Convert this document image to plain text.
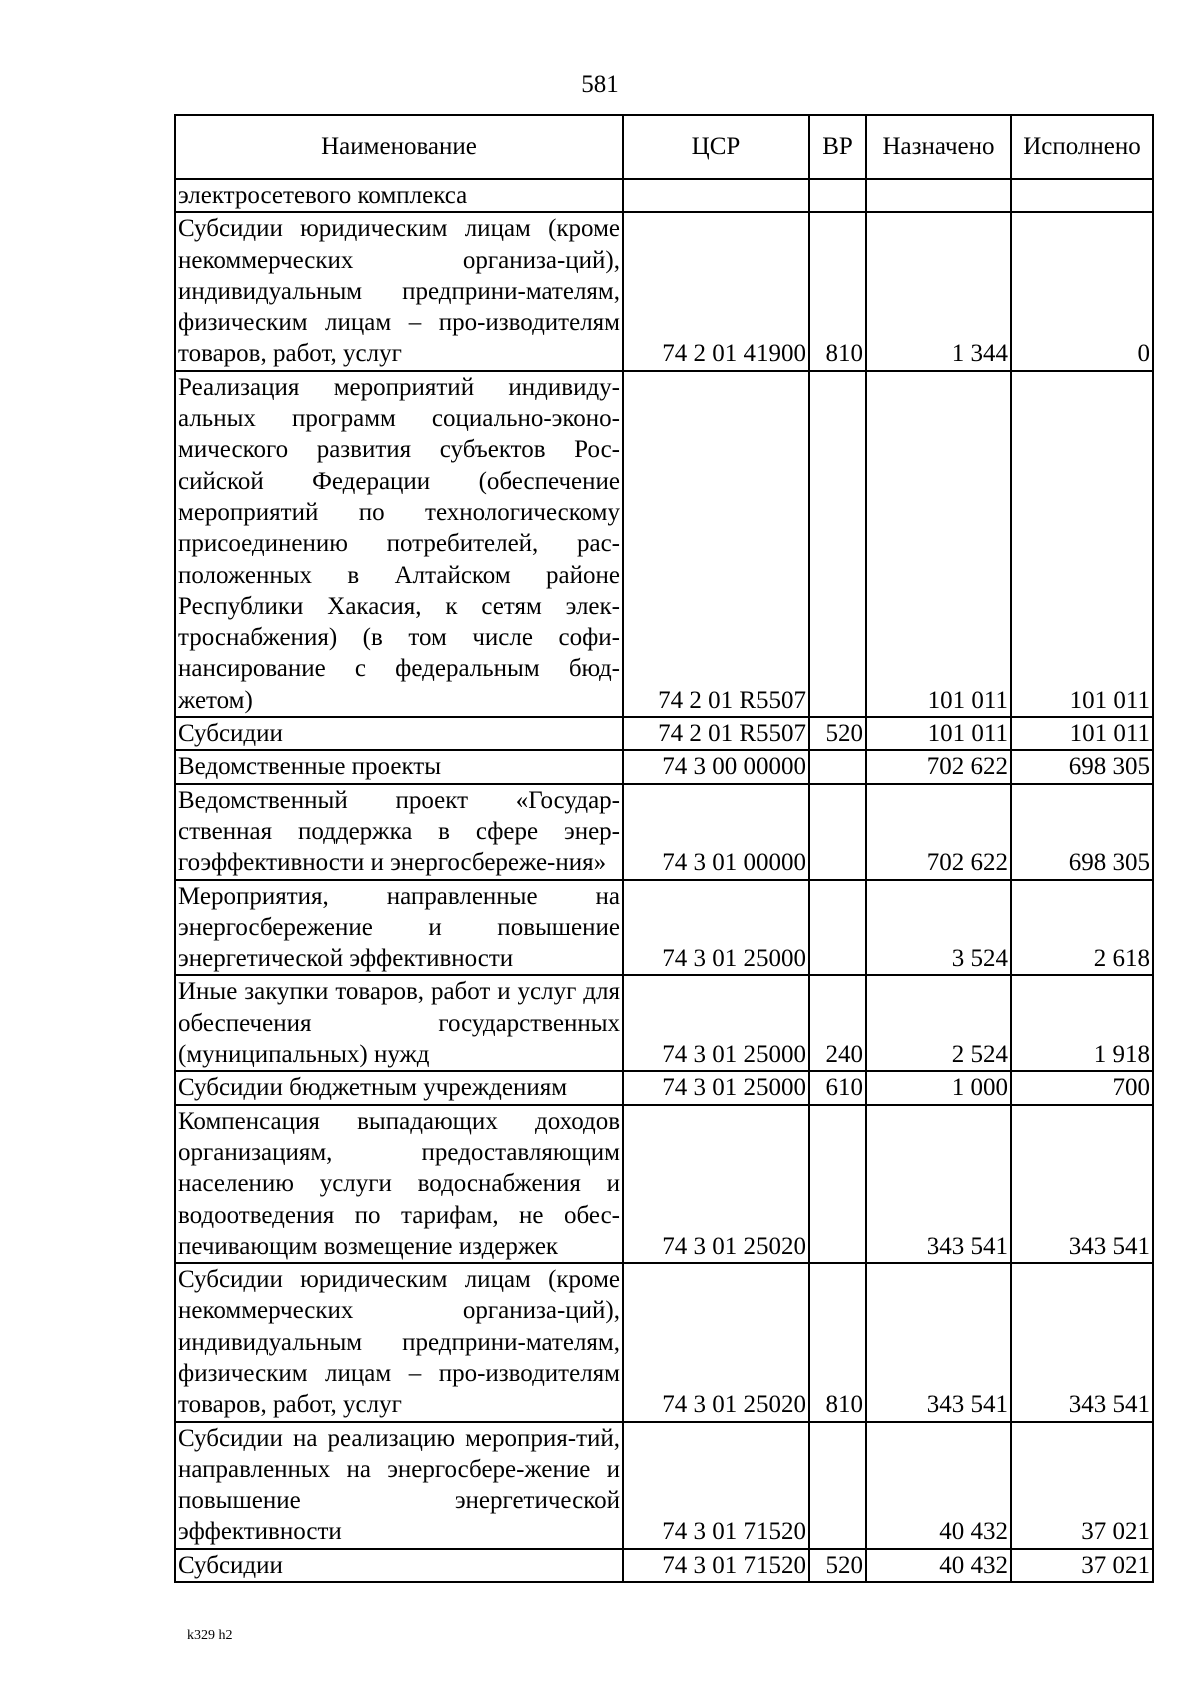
581
Наименование	ЦСР	ВР	Назначено	Исполнено
электросетевого комплекса				
Субсидии юридическим лицам (кроме некоммерческих организа-ций), индивидуальным предприни-мателям, физическим лицам – про-изводителям товаров, работ, услуг	74 2 01 41900	810	1 344	0
Реализация мероприятий индивиду-альных программ социально-эконо-мического развития субъектов Рос-сийской Федерации (обеспечение мероприятий по технологическому присоединению потребителей, рас-положенных в Алтайском районе Республики Хакасия, к сетям элек-троснабжения) (в том числе софи-нансирование с федеральным бюд-жетом)	74 2 01 R5507		101 011	101 011
Субсидии	74 2 01 R5507	520	101 011	101 011
Ведомственные проекты	74 3 00 00000		702 622	698 305
Ведомственный проект «Государ-ственная поддержка в сфере энер-гоэффективности и энергосбереже-ния»	74 3 01 00000		702 622	698 305
Мероприятия, направленные на энергосбережение и повышение энергетической эффективности	74 3 01 25000		3 524	2 618
Иные закупки товаров, работ и услуг для обеспечения государственных (муниципальных) нужд	74 3 01 25000	240	2 524	1 918
Субсидии бюджетным учреждениям	74 3 01 25000	610	1 000	700
Компенсация выпадающих доходов организациям, предоставляющим населению услуги водоснабжения и водоотведения по тарифам, не обес-печивающим возмещение издержек	74 3 01 25020		343 541	343 541
Субсидии юридическим лицам (кроме некоммерческих организа-ций), индивидуальным предприни-мателям, физическим лицам – про-изводителям товаров, работ, услуг	74 3 01 25020	810	343 541	343 541
Субсидии на реализацию мероприя-тий, направленных на энергосбере-жение и повышение энергетической эффективности	74 3 01 71520		40 432	37 021
Субсидии	74 3 01 71520	520	40 432	37 021
k329 h2
